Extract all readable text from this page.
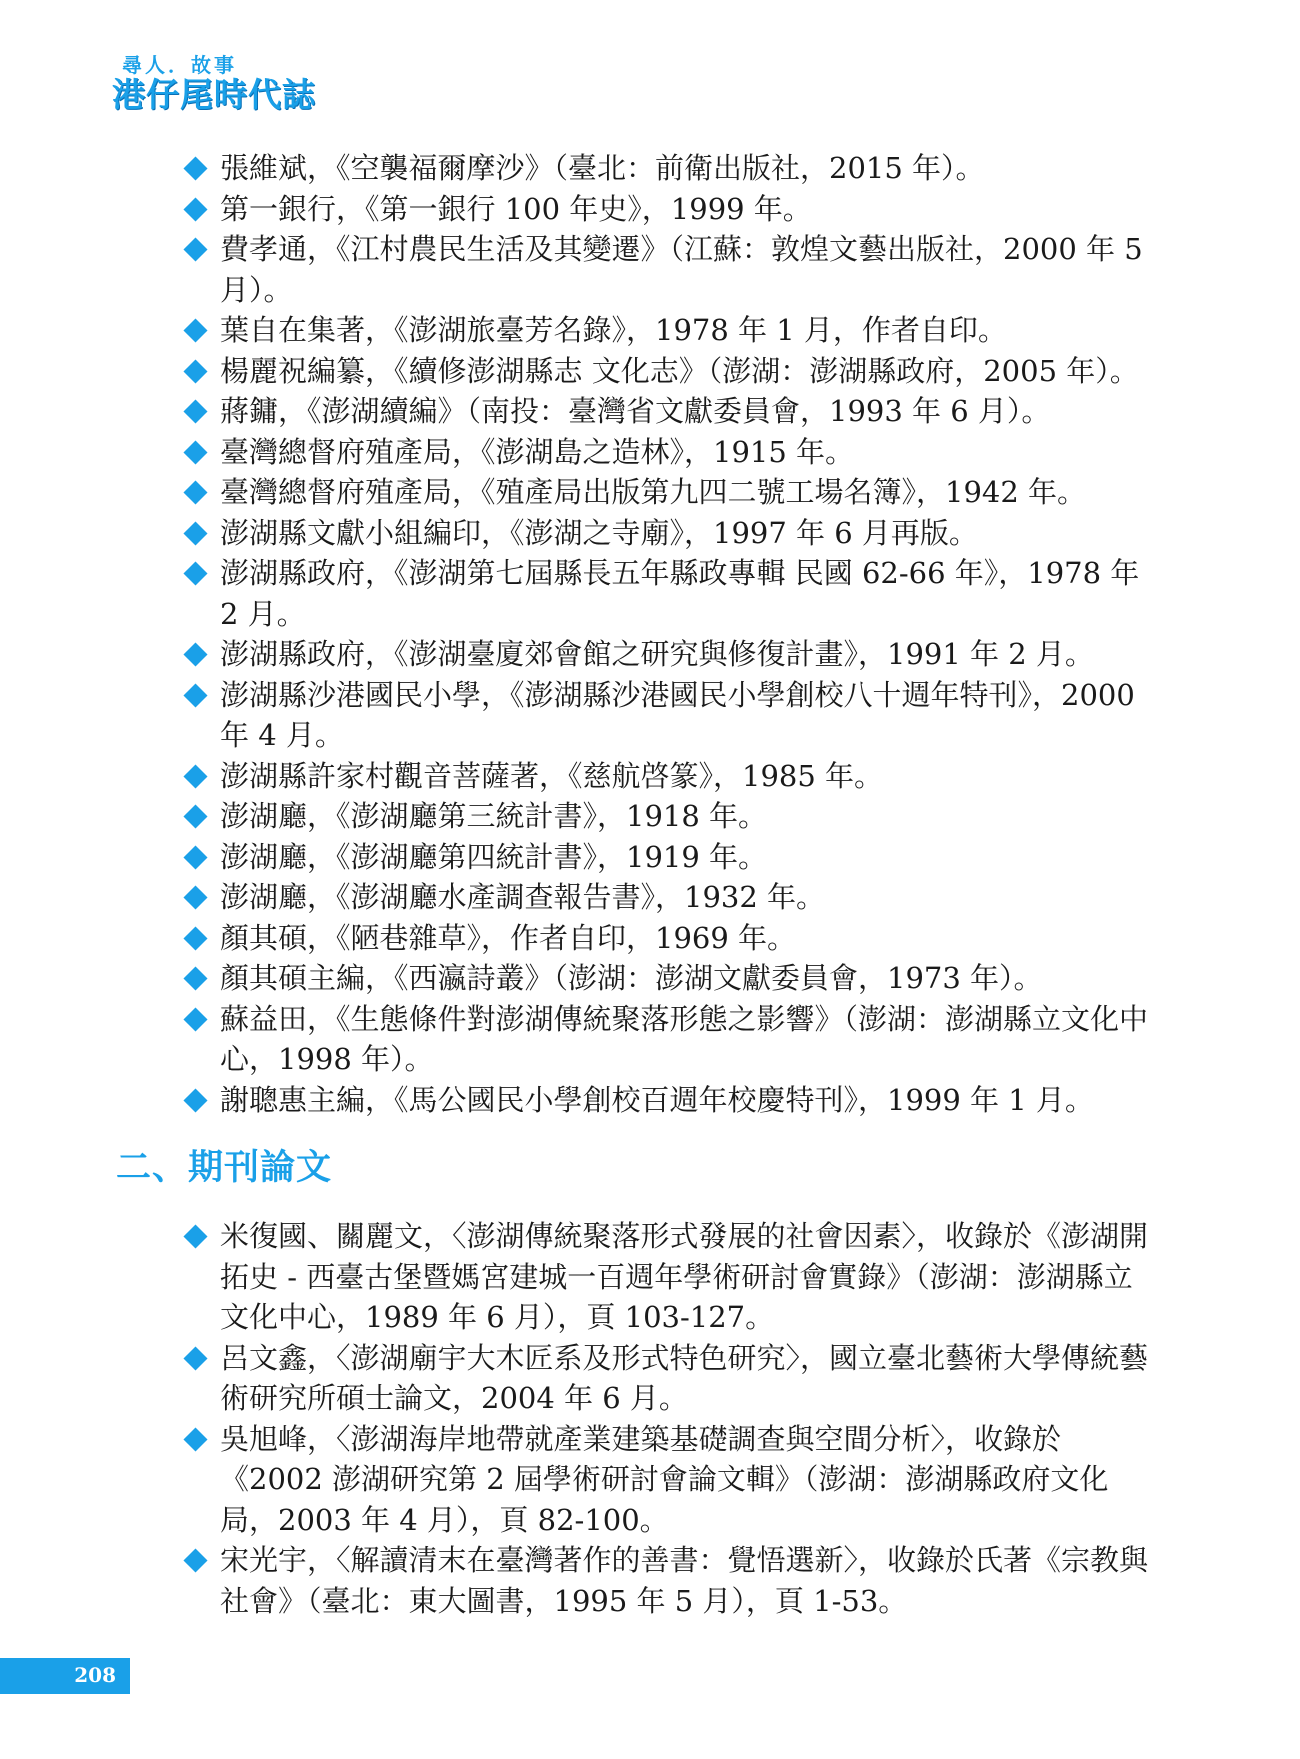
尋人．故事
港仔尾時代誌
張維斌，《空襲福爾摩沙》（臺北：前衛出版社，2015 年）。
第一銀行，《第一銀行 100 年史》，1999 年。
費孝通，《江村農民生活及其變遷》（江蘇：敦煌文藝出版社，2000 年 5 月）。
葉自在集著，《澎湖旅臺芳名錄》，1978 年 1 月，作者自印。
楊麗祝編纂，《續修澎湖縣志 文化志》（澎湖：澎湖縣政府，2005 年）。
蔣鏞，《澎湖續編》（南投：臺灣省文獻委員會，1993 年 6 月）。
臺灣總督府殖產局，《澎湖島之造林》，1915 年。
臺灣總督府殖產局，《殖產局出版第九四二號工場名簿》，1942 年。
澎湖縣文獻小組編印，《澎湖之寺廟》，1997 年 6 月再版。
澎湖縣政府，《澎湖第七屆縣長五年縣政專輯 民國 62-66 年》，1978 年 2 月。
澎湖縣政府，《澎湖臺廈郊會館之研究與修復計畫》，1991 年 2 月。
澎湖縣沙港國民小學，《澎湖縣沙港國民小學創校八十週年特刊》，2000 年 4 月。
澎湖縣許家村觀音菩薩著，《慈航啓篆》，1985 年。
澎湖廳，《澎湖廳第三統計書》，1918 年。
澎湖廳，《澎湖廳第四統計書》，1919 年。
澎湖廳，《澎湖廳水產調查報告書》，1932 年。
顏其碩，《陋巷雜草》，作者自印，1969 年。
顏其碩主編，《西瀛詩叢》（澎湖：澎湖文獻委員會，1973 年）。
蘇益田，《生態條件對澎湖傳統聚落形態之影響》（澎湖：澎湖縣立文化中心，1998 年）。
謝聰惠主編，《馬公國民小學創校百週年校慶特刊》，1999 年 1 月。
二、期刊論文
米復國、關麗文，〈澎湖傳統聚落形式發展的社會因素〉，收錄於《澎湖開拓史 - 西臺古堡暨媽宮建城一百週年學術研討會實錄》（澎湖：澎湖縣立文化中心，1989 年 6 月），頁 103-127。
呂文鑫，〈澎湖廟宇大木匠系及形式特色研究〉，國立臺北藝術大學傳統藝術研究所碩士論文，2004 年 6 月。
吳旭峰，〈澎湖海岸地帶就產業建築基礎調查與空間分析〉，收錄於《2002 澎湖研究第 2 屆學術研討會論文輯》（澎湖：澎湖縣政府文化局，2003 年 4 月），頁 82-100。
宋光宇，〈解讀清末在臺灣著作的善書：覺悟選新〉，收錄於氏著《宗教與社會》（臺北：東大圖書，1995 年 5 月），頁 1-53。
208
